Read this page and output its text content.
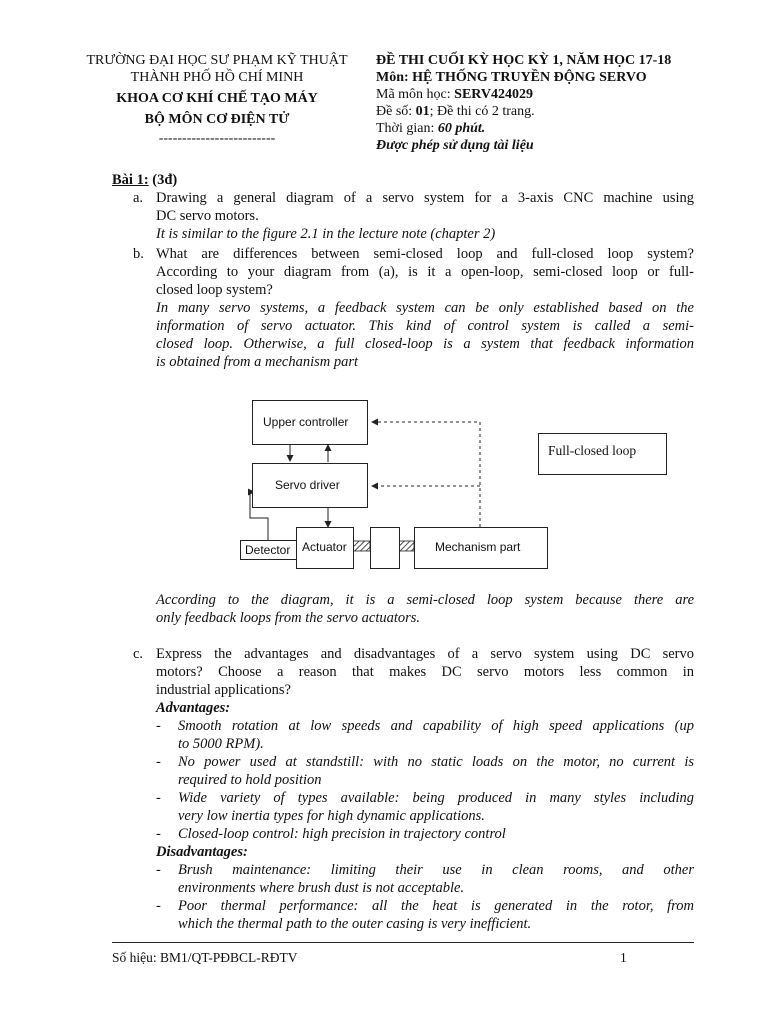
TRƯỜNG ĐẠI HỌC SƯ PHẠM KỸ THUẬT
THÀNH PHỐ HỒ CHÍ MINH
KHOA CƠ KHÍ CHẾ TẠO MÁY
BỘ MÔN CƠ ĐIỆN TỬ
-------------------------
ĐỀ THI CUỐI KỲ HỌC KỲ 1, NĂM HỌC 17-18
Môn: HỆ THỐNG TRUYỀN ĐỘNG SERVO
Mã môn học: SERV424029
Đề số: 01; Đề thi có 2 trang.
Thời gian: 60 phút.
Được phép sử dụng tài liệu
Bài 1: (3đ)
a. Drawing a general diagram of a servo system for a 3-axis CNC machine using
DC servo motors.
It is similar to the figure 2.1 in the lecture note (chapter 2)
b. What are differences between semi-closed loop and full-closed loop system?
According to your diagram from (a), is it a open-loop, semi-closed loop or full-
closed loop system?
In many servo systems, a feedback system can be only established based on the
information of servo actuator. This kind of control system is called a semi-
closed loop. Otherwise, a full closed-loop is a system that feedback information
is obtained from a mechanism part
Upper controller
Servo driver
Detector Actuator	Mechanism part
Full-closed loop
According to the diagram, it is a semi-closed loop system because there are
only feedback loops from the servo actuators.
c. Express the advantages and disadvantages of a servo system using DC servo
motors? Choose a reason that makes DC servo motors less common in
industrial applications?
Advantages:
- Smooth rotation at low speeds and capability of high speed applications (up
to 5000 RPM).
- No power used at standstill: with no static loads on the motor, no current is
required to hold position
- Wide variety of types available: being produced in many styles including
very low inertia types for high dynamic applications.
- Closed-loop control: high precision in trajectory control
Disadvantages:
- Brush maintenance: limiting their use in clean rooms, and other
environments where brush dust is not acceptable.
- Poor thermal performance: all the heat is generated in the rotor, from
which the thermal path to the outer casing is very inefficient.
Số hiệu: BM1/QT-PĐBCL-RĐTV	1
